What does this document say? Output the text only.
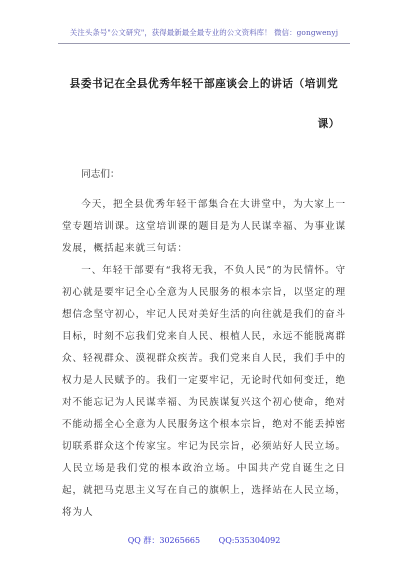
关注头条号"公文研究"，获得最新最全最专业的公文资料库！ 微信：gongwenyj
县委书记在全县优秀年轻干部座谈会上的讲话（培训党
课）

同志们：

今天，把全县优秀年轻干部集合在大讲堂中，为大家上一堂专题培训课。这堂培训课的题目是为人民谋幸福、为事业谋发展，概括起来就三句话：

一、年轻干部要有“我将无我，不负人民”的为民情怀。守初心就是要牢记全心全意为人民服务的根本宗旨，以坚定的理想信念坚守初心，牢记人民对美好生活的向往就是我们的奋斗目标，时刻不忘我们党来自人民、根植人民，永远不能脱离群众、轻视群众、漠视群众疾苦。我们党来自人民，我们手中的权力是人民赋予的。我们一定要牢记，无论时代如何变迁，绝对不能忘记为人民谋幸福、为民族谋复兴这个初心使命，绝对不能动摇全心全意为人民服务这个根本宗旨，绝对不能丢掉密切联系群众这个传家宝。牢记为民宗旨，必须站好人民立场。人民立场是我们党的根本政治立场。中国共产党自诞生之日起，就把马克思主义写在自己的旗帜上，选择站在人民立场，将为人

QQ 群：30265665 QQ:535304092
